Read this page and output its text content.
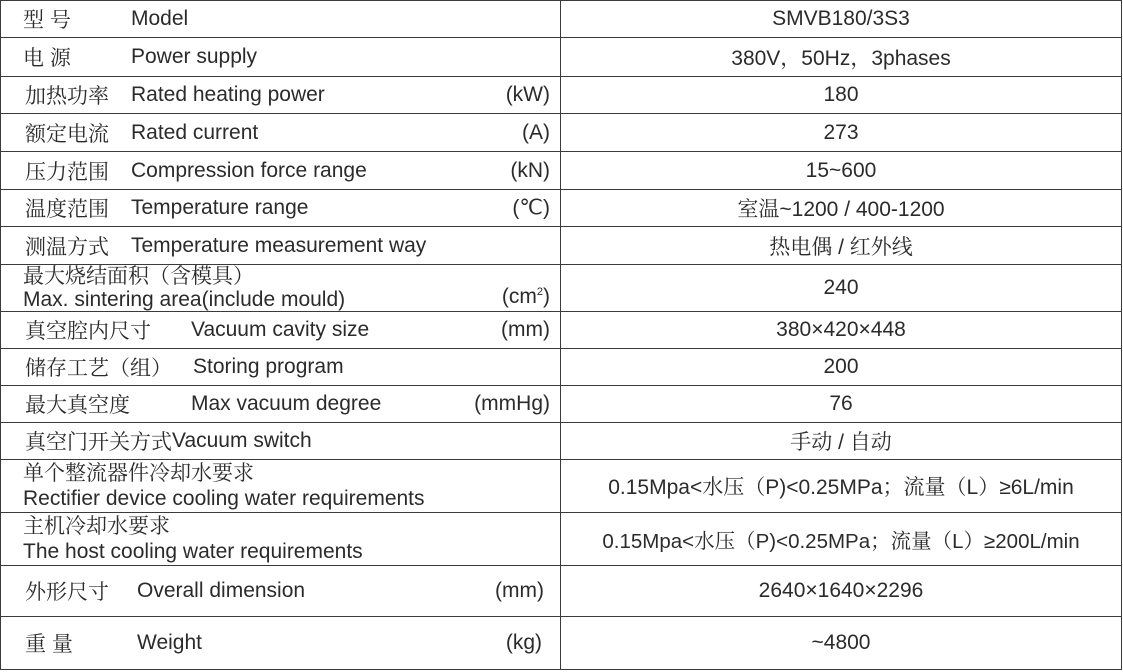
型 号 Model	SMVB180/3S3

电 源 Power supply	380V，50Hz，3phases

加热功率 Rated heating power (kW)	180

额定电流 Rated current (A)	273

压力范围 Compression force range (kN)	15~600

温度范围 Temperature range (℃)	室温~1200 / 400-1200

测温方式 Temperature measurement way	热电偶 / 红外线

最大烧结面积（含模具）
Max. sintering area(include mould) $(cm^2)$	240

真空腔内尺寸 Vacuum cavity size (mm)	380×420×448

储存工艺（组） Storing program	200

最大真空度 Max vacuum degree (mmHg)	76

真空门开关方式 Vacuum switch	手动 / 自动

单个整流器件冷却水要求
Rectifier device cooling water requirements	0.15Mpa<水压（P)<0.25MPa；流量（L）≥6L/min

主机冷却水要求
The host cooling water requirements	0.15Mpa<水压（P)<0.25MPa；流量（L）≥200L/min

外形尺寸 Overall dimension (mm)	2640×1640×2296

重 量 Weight (kg)	~4800
